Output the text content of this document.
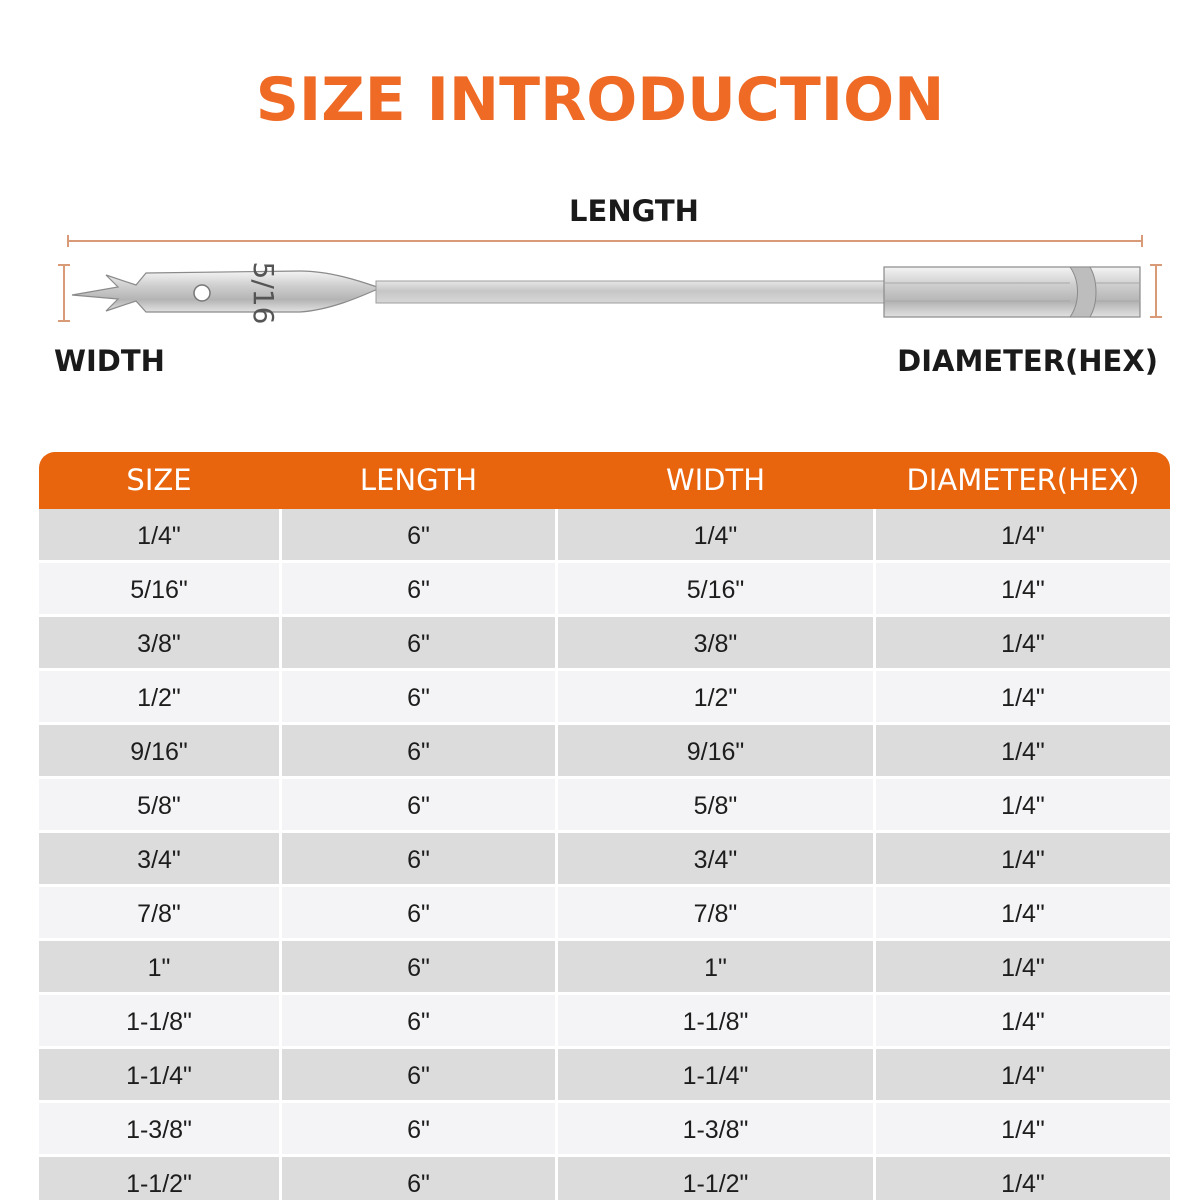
SIZE INTRODUCTION
LENGTH
5/16
WIDTH	DIAMETER(HEX)
SIZE	LENGTH	WIDTH	DIAMETER(HEX)
1/4"	6"	1/4"	1/4"
5/16"	6"	5/16"	1/4"
3/8"	6"	3/8"	1/4"
1/2"	6"	1/2"	1/4"
9/16"	6"	9/16"	1/4"
5/8"	6"	5/8"	1/4"
3/4"	6"	3/4"	1/4"
7/8"	6"	7/8"	1/4"
1"	6"	1"	1/4"
1-1/8"	6"	1-1/8"	1/4"
1-1/4"	6"	1-1/4"	1/4"
1-3/8"	6"	1-3/8"	1/4"
1-1/2"	6"	1-1/2"	1/4"
